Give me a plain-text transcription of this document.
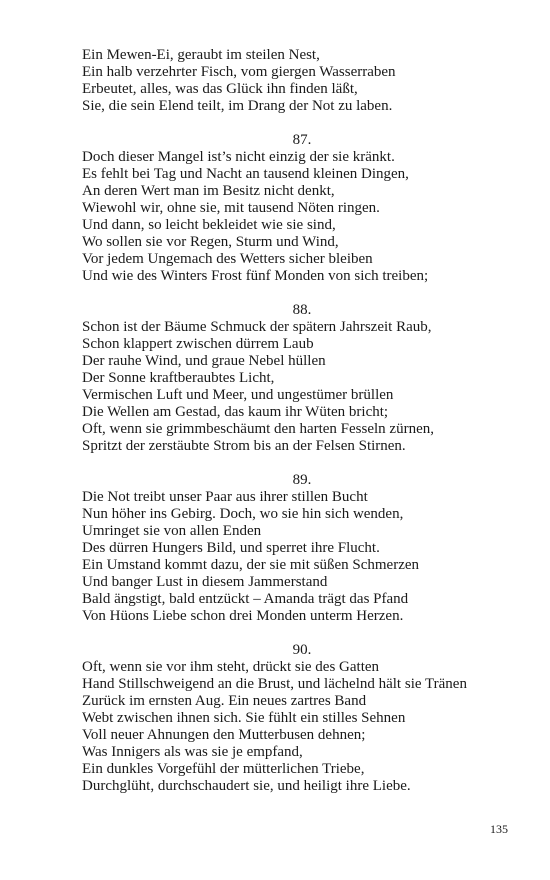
Ein Mewen-Ei, geraubt im steilen Nest,
Ein halb verzehrter Fisch, vom giergen Wasserraben
Erbeutet, alles, was das Glück ihn finden läßt,
Sie, die sein Elend teilt, im Drang der Not zu laben.
87.
Doch dieser Mangel ist’s nicht einzig der sie kränkt.
Es fehlt bei Tag und Nacht an tausend kleinen Dingen,
An deren Wert man im Besitz nicht denkt,
Wiewohl wir, ohne sie, mit tausend Nöten ringen.
Und dann, so leicht bekleidet wie sie sind,
Wo sollen sie vor Regen, Sturm und Wind,
Vor jedem Ungemach des Wetters sicher bleiben
Und wie des Winters Frost fünf Monden von sich treiben;
88.
Schon ist der Bäume Schmuck der spätern Jahrszeit Raub,
Schon klappert zwischen dürrem Laub
Der rauhe Wind, und graue Nebel hüllen
Der Sonne kraftberaubtes Licht,
Vermischen Luft und Meer, und ungestümer brüllen
Die Wellen am Gestad, das kaum ihr Wüten bricht;
Oft, wenn sie grimmbeschäumt den harten Fesseln zürnen,
Spritzt der zerstäubte Strom bis an der Felsen Stirnen.
89.
Die Not treibt unser Paar aus ihrer stillen Bucht
Nun höher ins Gebirg. Doch, wo sie hin sich wenden,
Umringet sie von allen Enden
Des dürren Hungers Bild, und sperret ihre Flucht.
Ein Umstand kommt dazu, der sie mit süßen Schmerzen
Und banger Lust in diesem Jammerstand
Bald ängstigt, bald entzückt – Amanda trägt das Pfand
Von Hüons Liebe schon drei Monden unterm Herzen.
90.
Oft, wenn sie vor ihm steht, drückt sie des Gatten
Hand Stillschweigend an die Brust, und lächelnd hält sie Tränen
Zurück im ernsten Aug. Ein neues zartres Band
Webt zwischen ihnen sich. Sie fühlt ein stilles Sehnen
Voll neuer Ahnungen den Mutterbusen dehnen;
Was Innigers als was sie je empfand,
Ein dunkles Vorgefühl der mütterlichen Triebe,
Durchglüht, durchschaudert sie, und heiligt ihre Liebe.
135
